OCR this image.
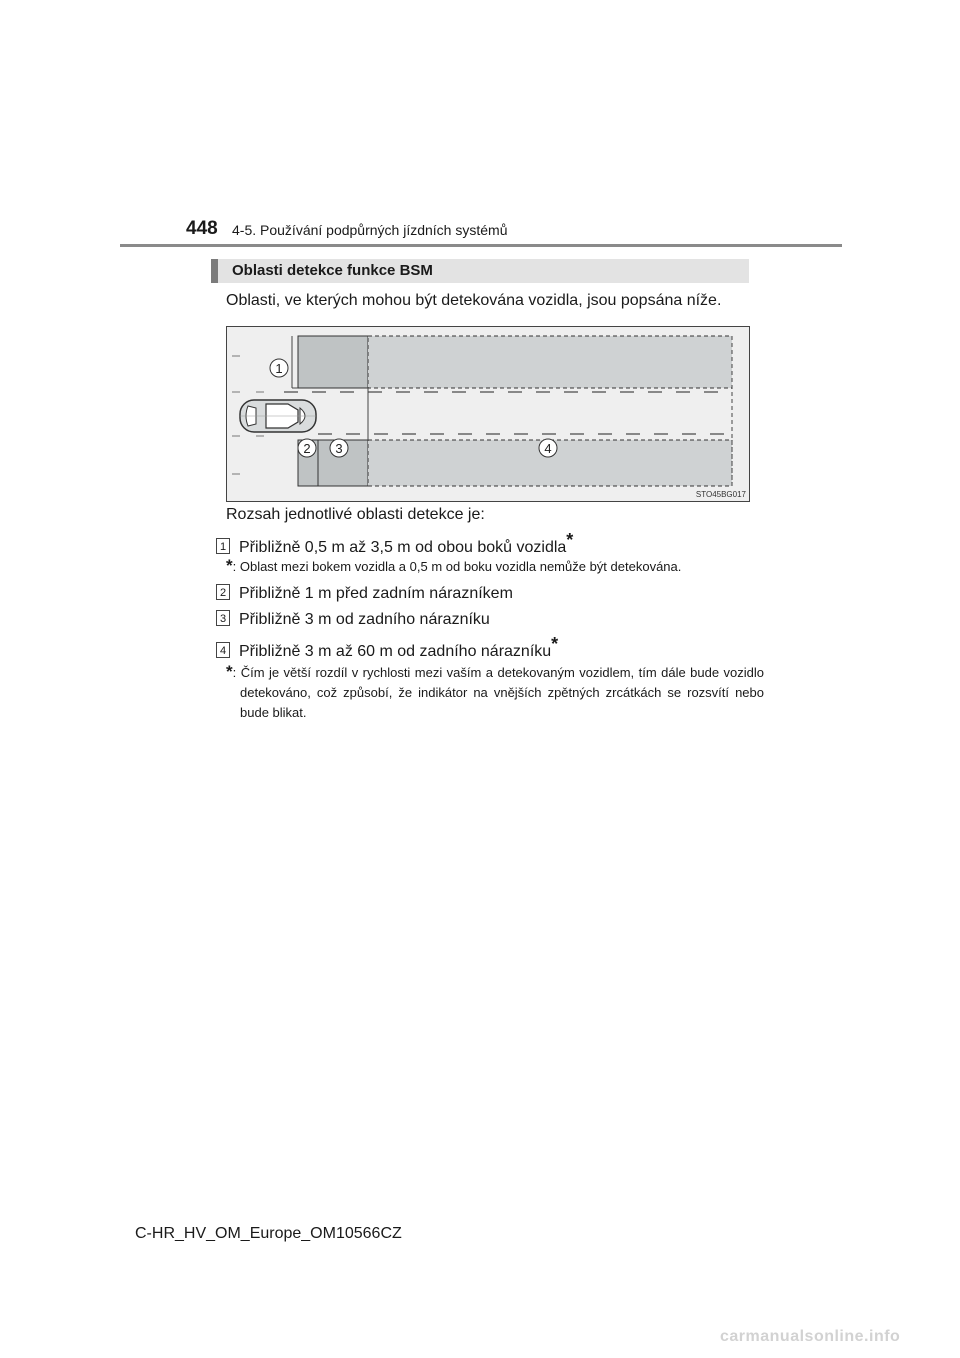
448 4-5. Používání podpůrných jízdních systémů
Oblasti detekce funkce BSM
Oblasti, ve kterých mohou být detekována vozidla, jsou popsána níže.
1
2 3	4
STO45BG017
Rozsah jednotlivé oblasti detekce je:
1 Přibližně 0,5 m až 3,5 m od obou boků vozidla*
*: Oblast mezi bokem vozidla a 0,5 m od boku vozidla nemůže být detekována.
2 Přibližně 1 m před zadním nárazníkem
3 Přibližně 3 m od zadního nárazníku
4 Přibližně 3 m až 60 m od zadního nárazníku*
*: Čím je větší rozdíl v rychlosti mezi vaším a detekovaným vozidlem, tím dále bude vozidlo detekováno, což způsobí, že indikátor na vnějších zpětných zrcátkách se rozsvítí nebo bude blikat.
C-HR_HV_OM_Europe_OM10566CZ
carmanualsonline.info
